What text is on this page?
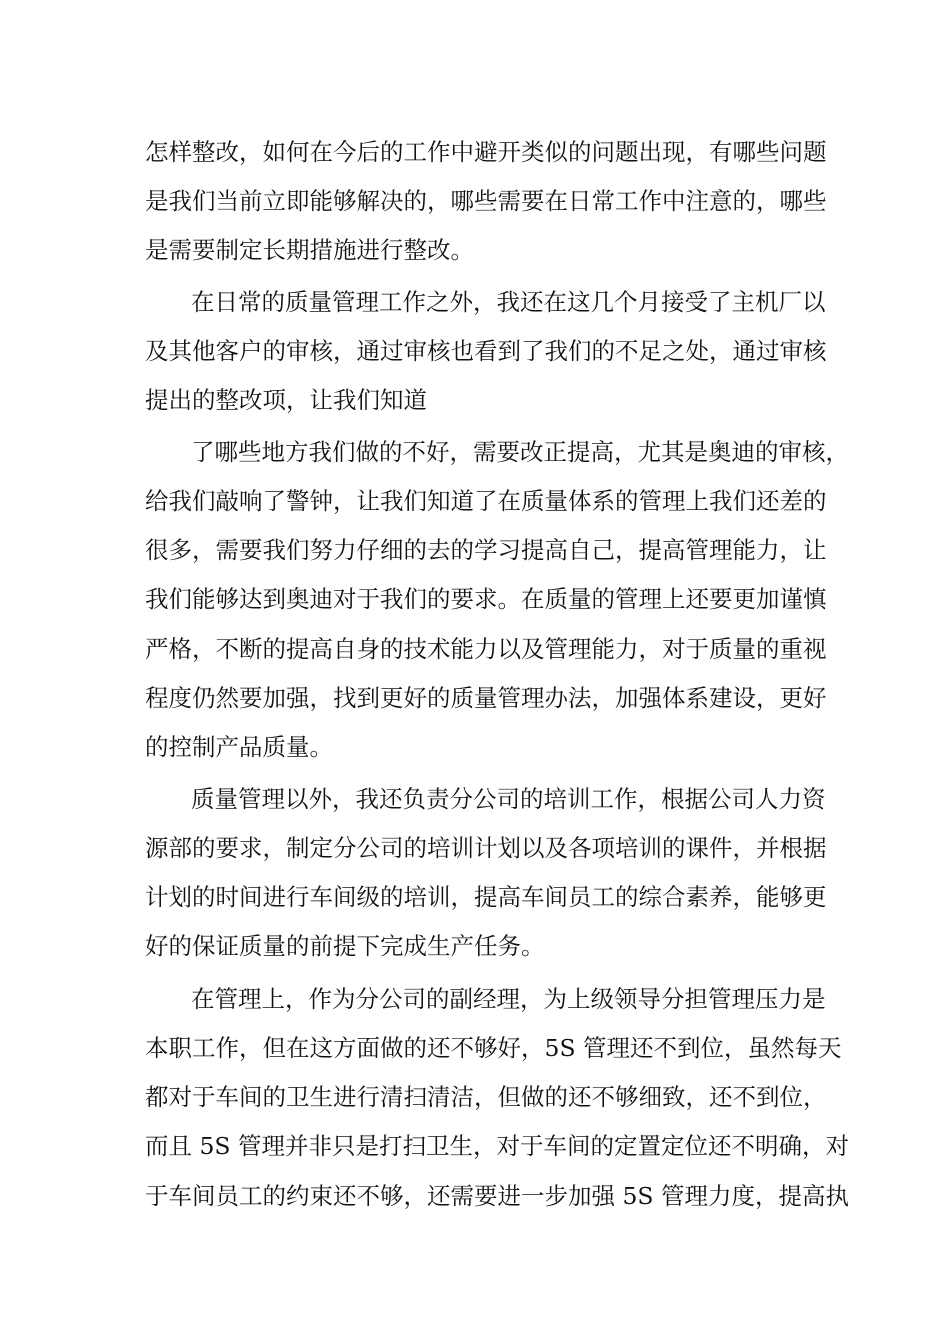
怎样整改，如何在今后的工作中避开类似的问题出现，有哪些问题
是我们当前立即能够解决的，哪些需要在日常工作中注意的，哪些
是需要制定长期措施进行整改。
在日常的质量管理工作之外，我还在这几个月接受了主机厂以
及其他客户的审核，通过审核也看到了我们的不足之处，通过审核
提出的整改项，让我们知道
了哪些地方我们做的不好，需要改正提高，尤其是奥迪的审核，
给我们敲响了警钟，让我们知道了在质量体系的管理上我们还差的
很多，需要我们努力仔细的去的学习提高自己，提高管理能力，让
我们能够达到奥迪对于我们的要求。在质量的管理上还要更加谨慎
严格，不断的提高自身的技术能力以及管理能力，对于质量的重视
程度仍然要加强，找到更好的质量管理办法，加强体系建设，更好
的控制产品质量。
质量管理以外，我还负责分公司的培训工作，根据公司人力资
源部的要求，制定分公司的培训计划以及各项培训的课件，并根据
计划的时间进行车间级的培训，提高车间员工的综合素养，能够更
好的保证质量的前提下完成生产任务。
在管理上，作为分公司的副经理，为上级领导分担管理压力是
本职工作，但在这方面做的还不够好，5S 管理还不到位，虽然每天
都对于车间的卫生进行清扫清洁，但做的还不够细致，还不到位，
而且 5S 管理并非只是打扫卫生，对于车间的定置定位还不明确，对
于车间员工的约束还不够，还需要进一步加强 5S 管理力度，提高执
